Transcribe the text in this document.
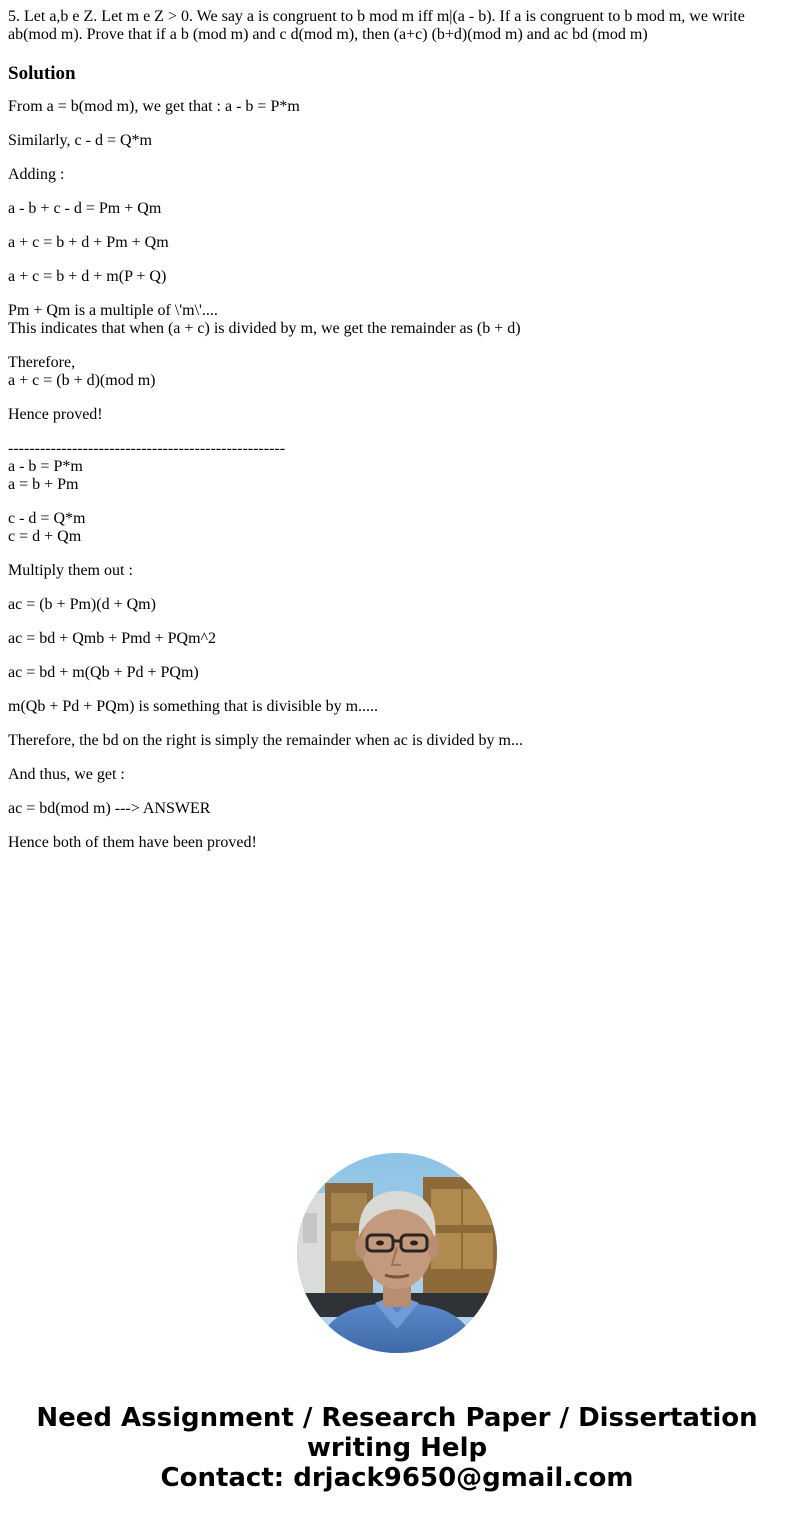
5. Let a,b e Z. Let m e Z > 0. We say a is congruent to b mod m iff m|(a - b). If a is congruent to b mod m, we write ab(mod m). Prove that if a b (mod m) and c d(mod m), then (a+c) (b+d)(mod m) and ac bd (mod m)

Solution

From a = b(mod m), we get that : a - b = P*m

Similarly, c - d = Q*m

Adding :

a - b + c - d = Pm + Qm

a + c = b + d + Pm + Qm

a + c = b + d + m(P + Q)

Pm + Qm is a multiple of \'m\'....
This indicates that when (a + c) is divided by m, we get the remainder as (b + d)

Therefore,
a + c = (b + d)(mod m)

Hence proved!

----------------------------------------------------

a - b = P*m
a = b + Pm

c - d = Q*m
c = d + Qm

Multiply them out :

ac = (b + Pm)(d + Qm)

ac = bd + Qmb + Pmd + PQm^2

ac = bd + m(Qb + Pd + PQm)

m(Qb + Pd + PQm) is something that is divisible by m.....

Therefore, the bd on the right is simply the remainder when ac is divided by m...

And thus, we get :

ac = bd(mod m) ---> ANSWER

Hence both of them have been proved!

Need Assignment / Research Paper / Dissertation
writing Help
Contact: drjack9650@gmail.com
